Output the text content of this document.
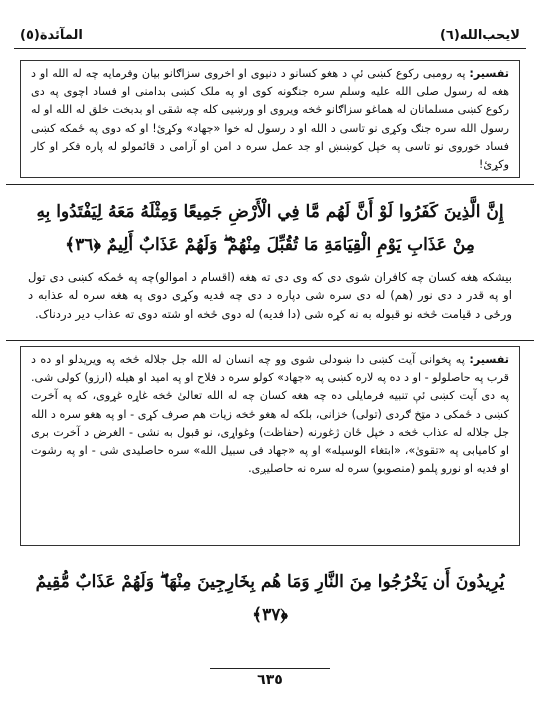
لایحب‌الله(٦)
المآئدة(٥)
تفسیر: په رومبی رکوع کښی ئې د هغو کسانو د دنیوی او اخروی سزاګانو بیان وفرمایه چه له الله او د هغه له رسول صلی الله علیه وسلم سره جنګونه کوی او په ملک کښی بدامنی او فساد اچوی په دی رکوع کښی مسلمانان له هماغو سزاګانو څخه ویروی او ورښیی کله چه شقی او بدبخت خلق له الله او له رسول الله سره جنګ وکړی نو تاسی د الله او د رسول له خوا «جهاد» وکړئ! او که دوی په ځمکه کښی فساد خوروی نو تاسی په خپل کوښښ او جد عمل سره د امن او آرامی د قائمولو له پاره فکر او کار وکړئ!
إِنَّ الَّذِينَ كَفَرُوا لَوْ أَنَّ لَهُم مَّا فِي الْأَرْضِ جَمِيعًا وَمِثْلَهُ مَعَهُ لِيَفْتَدُوا بِهِ مِنْ عَذَابِ يَوْمِ الْقِيَامَةِ مَا تُقُبِّلَ مِنْهُمْ ۖ وَلَهُمْ عَذَابٌ أَلِيمٌ ﴿٣٦﴾
بیشکه هغه کسان چه کافران شوی دی که وی دی ته هغه (اقسام د اموالو)چه په ځمکه کښی دی تول او په قدر د دی نور (هم) له دی سره شی دپاره د دی چه فدیه وکړی دوی په هغه سره له عذابه د ورځی د قیامت څخه نو قبوله به نه کړه شی (دا فدیه) له دوی څخه او شته دوی ته عذاب دیر دردناک.
تفسیر: په پخوانی آیت کښی دا ښودلی شوی وو چه انسان له الله جل جلاله څخه په ویریدلو او ده د قرب په حاصلولو - او د ده په لاره کښی په «جهاد» کولو سره د فلاح او په امید او هیله (ارزو) کولی شی. په دی آیت کښی ئې تنبیه فرمایلی ده چه هغه کسان چه له الله تعالیٰ څخه غاړه غړوی، که په آخرت کښی د ځمکی د مټخ ګردی (تولی) خزانی، بلکه له هغو څخه زیات هم صرف کړی - او په هغو سره د الله جل جلاله له عذاب څخه د خپل ځان ژغورنه (حفاظت) وغواړی، نو قبول به نشی - الغرض د آخرت بری او کامیابی په «تقویٰ»، «ابتغاء الوسیله» او په «جهاد فی سبیل الله» سره حاصلیدی شی - او په رشوت او فدیه او نورو پلمو (منصوبو) سره له سره نه حاصلیږی.
يُرِيدُونَ أَن يَخْرُجُوا مِنَ النَّارِ وَمَا هُم بِخَارِجِينَ مِنْهَا ۖ وَلَهُمْ عَذَابٌ مُّقِيمٌ ﴿٣٧﴾
٦٣٥
